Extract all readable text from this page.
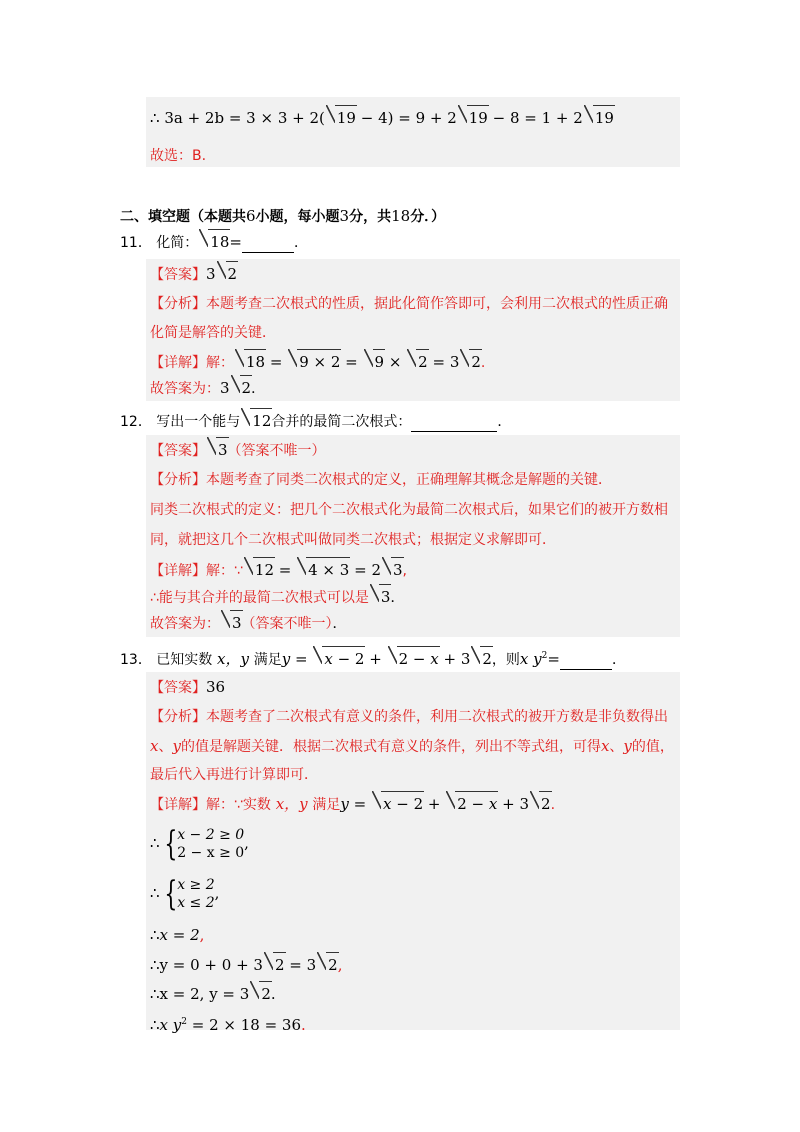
∴ 3a + 2b = 3 × 3 + 2( 19 − 4) = 9 + 2 19 − 8 = 1 + 2 19
故选：B.
二、填空题（本题共6小题，每小题3分，共18分．）
11． 化简： 18=	．
【答案】3 2
【分析】本题考查二次根式的性质，据此化简作答即可，会利用二次根式的性质正确
化简是解答的关键．
【详解】解： 18 = 9 × 2 = 9 × 2 = 3 2.
故答案为：3 2．
12． 写出一个能与 12合并的最简二次根式：	．
【答案】 3（答案不唯一）
【分析】本题考查了同类二次根式的定义，正确理解其概念是解题的关键．
同类二次根式的定义：把几个二次根式化为最简二次根式后，如果它们的被开方数相
同，就把这几个二次根式叫做同类二次根式；根据定义求解即可．
【详解】解：∵ 12 = 4 × 3 = 2 3,
∴能与其合并的最简二次根式可以是 3．
故答案为： 3（答案不唯一）．
13． 已知实数 x，y 满足y = x − 2 + 2 − x + 3 2，则x $y^2=$	．
【答案】36
【分析】本题考查了二次根式有意义的条件，利用二次根式的被开方数是非负数得出
x、y的值是解题关键．根据二次根式有意义的条件，列出不等式组，可得x、y的值，
最后代入再进行计算即可．
【详解】解：∵实数 x，y 满足y = x − 2 + 2 − x + 3 2.
∴ {x − 2 ≥ 0
2 − x ≥ 0,
∴ {x ≥ 2
x ≤ 2,
∴x = 2,
∴y = 0 + 0 + 3 2 = 3 2,
∴x = 2, y = 3 2.
∴x $y^2 = 2 \times 18 = 36$.
